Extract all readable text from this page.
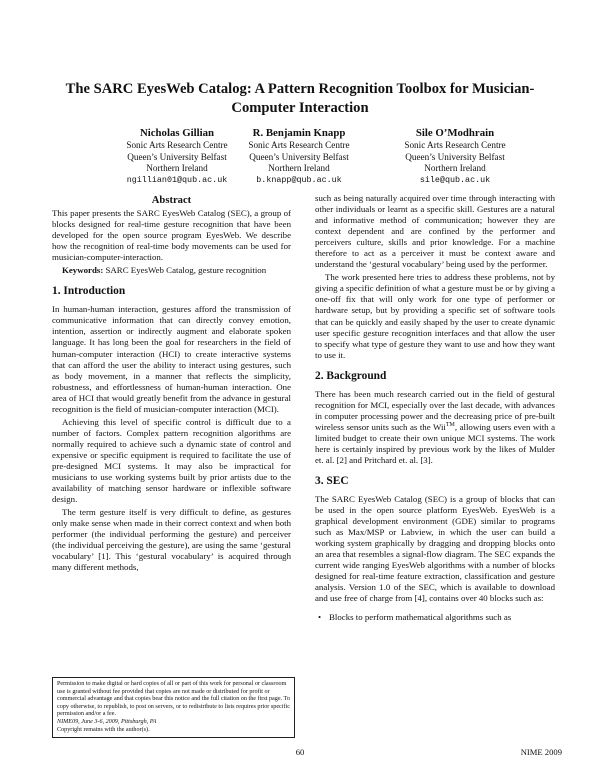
The SARC EyesWeb Catalog: A Pattern Recognition Toolbox for Musician-Computer Interaction
Nicholas Gillian
Sonic Arts Research Centre
Queen’s University Belfast
Northern Ireland
ngillian01@qub.ac.uk
R. Benjamin Knapp
Sonic Arts Research Centre
Queen’s University Belfast
Northern Ireland
b.knapp@qub.ac.uk
Sile O’Modhrain
Sonic Arts Research Centre
Queen’s University Belfast
Northern Ireland
sile@qub.ac.uk
Abstract

This paper presents the SARC EyesWeb Catalog (SEC), a group of blocks designed for real-time gesture recognition that have been developed for the open source program EyesWeb. We describe how the recognition of real-time body movements can be used for musician-computer-interaction.

Keywords: SARC EyesWeb Catalog, gesture recognition

1. Introduction

In human-human interaction, gestures afford the transmission of communicative information that can directly convey emotion, intention, assertion or indirectly augment and elaborate spoken language. It has long been the goal for researchers in the field of human-computer interaction (HCI) to create interactive systems that can afford the user the ability to interact using gestures, such as body movement, in a manner that reflects the simplicity, robustness, and effortlessness of human-human interaction. One area of HCI that would greatly benefit from the advance in gestural recognition is the field of musician-computer interaction (MCI).

Achieving this level of specific control is difficult due to a number of factors. Complex pattern recognition algorithms are normally required to achieve such a dynamic state of control and expensive or specific equipment is required to facilitate the use of pre-designed MCI systems. It may also be impractical for musicians to use working systems built by prior artists due to the availability of matching sensor hardware or inflexible software design.

The term gesture itself is very difficult to define, as gestures only make sense when made in their correct context and when both performer (the individual performing the gesture) and perceiver (the individual perceiving the gesture), are using the same ‘gestural vocabulary’ [1]. This ‘gestural vocabulary’ is acquired through many different methods,

such as being naturally acquired over time through interacting with other individuals or learnt as a specific skill. Gestures are a natural and informative method of communication; however they are context dependent and are confined by the performer and perceivers culture, skills and prior knowledge. For a machine therefore to act as a perceiver it must be context aware and understand the ‘gestural vocabulary’ being used by the performer.

The work presented here tries to address these problems, not by giving a specific definition of what a gesture must be or by giving a one-off fix that will only work for one type of performer or hardware setup, but by providing a specific set of software tools that can be quickly and easily shaped by the user to create dynamic user specific gesture recognition interfaces and that allow the user to specify what type of gesture they want to use and how they want to use it.

2. Background

There has been much research carried out in the field of gestural recognition for MCI, especially over the last decade, with advances in computer processing power and the decreasing price of pre-built wireless sensor units such as the Wii™, allowing users even with a limited budget to create their own unique MCI systems. The work here is certainly inspired by previous work by the likes of Mulder et. al. [2] and Pritchard et. al. [3].

3. SEC

The SARC EyesWeb Catalog (SEC) is a group of blocks that can be used in the open source platform EyesWeb. EyesWeb is a graphical development environment (GDE) similar to programs such as Max/MSP or Labview, in which the user can build a working system graphically by dragging and dropping blocks onto an area that resembles a signal-flow diagram. The SEC expands the current wide ranging EyesWeb algorithms with a number of blocks designed for real-time feature extraction, classification and gesture analysis. Version 1.0 of the SEC, which is available to download and use free of charge from [4], contains over 40 blocks such as:

• Blocks to perform mathematical algorithms such as
Permission to make digital or hard copies of all or part of this work for personal or classroom use is granted without fee provided that copies are not made or distributed for profit or commercial advantage and that copies bear this notice and the full citation on the first page. To copy otherwise, to republish, to post on servers, or to redistribute to lists requires prior specific permission and/or a fee.
NIME09, June 3-6, 2009, Pittsburgh, PA
Copyright remains with the author(s).
60	NIME 2009
